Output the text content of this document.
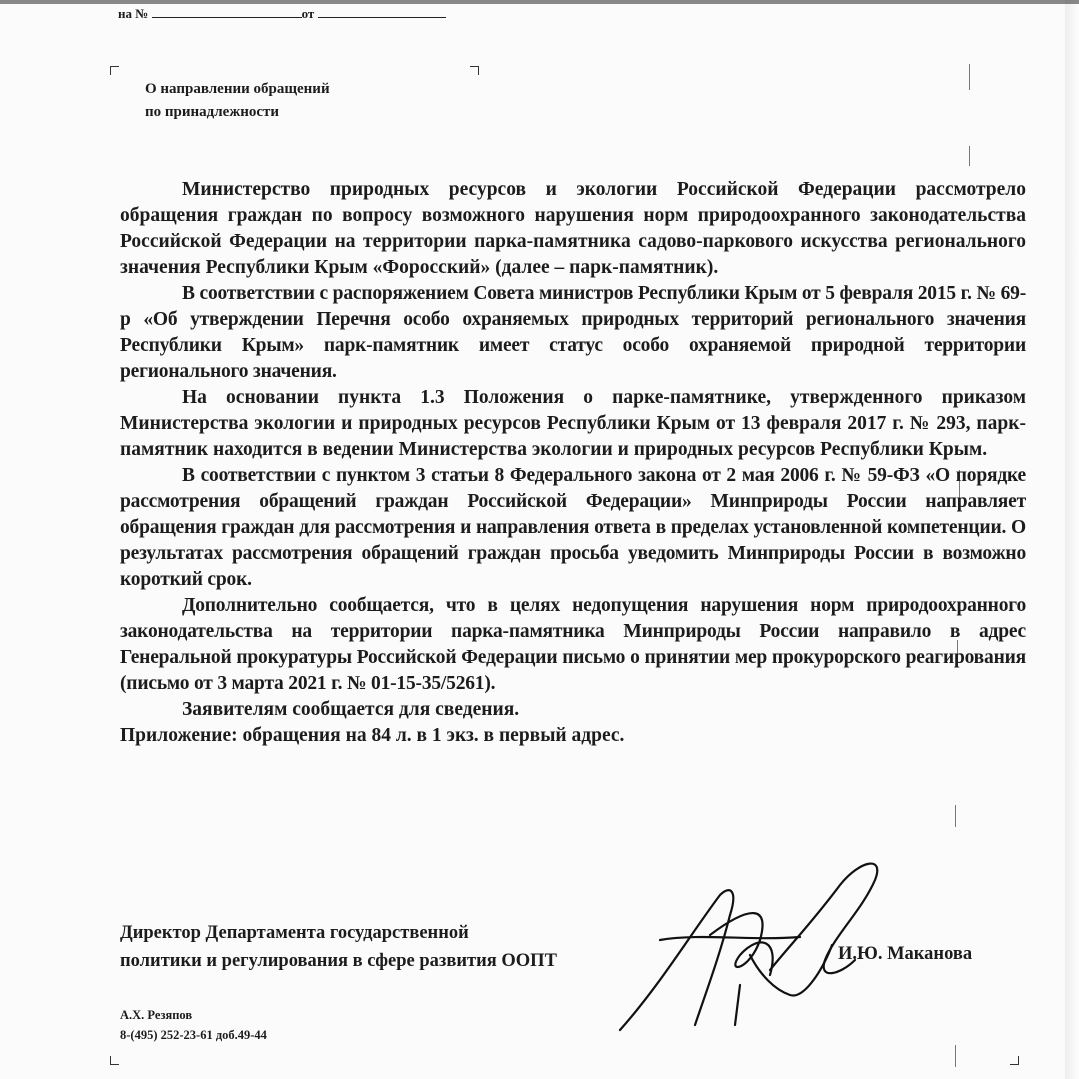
на №	от
О направлении обращений
по принадлежности

Министерство природных ресурсов и экологии Российской Федерации рассмотрело обращения граждан по вопросу возможного нарушения норм природоохранного законодательства Российской Федерации на территории парка-памятника садово-паркового искусства регионального значения Республики Крым «Форосский» (далее – парк-памятник).

В соответствии с распоряжением Совета министров Республики Крым от 5 февраля 2015 г. № 69-р «Об утверждении Перечня особо охраняемых природных территорий регионального значения Республики Крым» парк-памятник имеет статус особо охраняемой природной территории регионального значения.

На основании пункта 1.3 Положения о парке-памятнике, утвержденного приказом Министерства экологии и природных ресурсов Республики Крым от 13 февраля 2017 г. № 293, парк-памятник находится в ведении Министерства экологии и природных ресурсов Республики Крым.

В соответствии с пунктом 3 статьи 8 Федерального закона от 2 мая 2006 г. № 59-ФЗ «О порядке рассмотрения обращений граждан Российской Федерации» Минприроды России направляет обращения граждан для рассмотрения и направления ответа в пределах установленной компетенции. О результатах рассмотрения обращений граждан просьба уведомить Минприроды России в возможно короткий срок.

Дополнительно сообщается, что в целях недопущения нарушения норм природоохранного законодательства на территории парка-памятника Минприроды России направило в адрес Генеральной прокуратуры Российской Федерации письмо о принятии мер прокурорского реагирования (письмо от 3 марта 2021 г. № 01-15-35/5261).

Заявителям сообщается для сведения.

Приложение: обращения на 84 л. в 1 экз. в первый адрес.

Директор Департамента государственной
политики и регулирования в сфере развития ООПТ	И.Ю. Маканова
А.Х. Резяпов
8-(495) 252-23-61 доб.49-44
